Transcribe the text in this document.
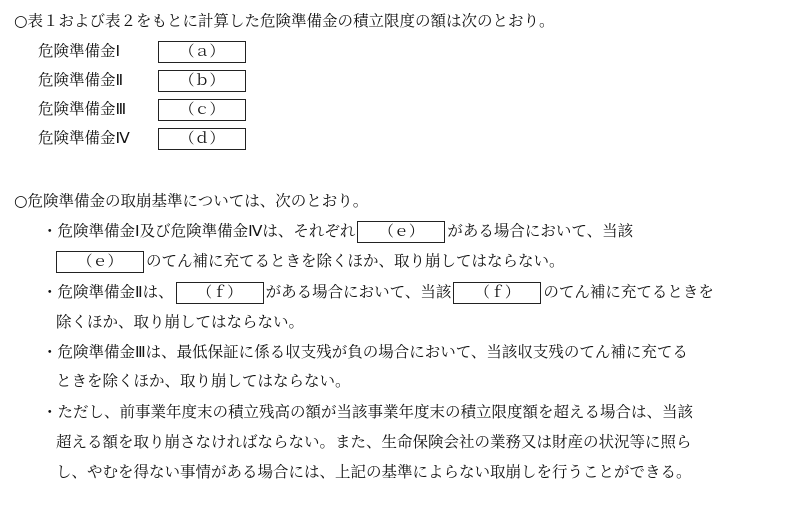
○表１および表２をもとに計算した危険準備金の積立限度の額は次のとおり。
危険準備金Ⅰ	（ａ）
危険準備金Ⅱ	（ｂ）
危険準備金Ⅲ	（ｃ）
危険準備金Ⅳ	（ｄ）
○危険準備金の取崩基準については、次のとおり。
・危険準備金Ⅰ及び危険準備金Ⅳは、それぞれ （ｅ） がある場合において、当該
（ｅ） のてん補に充てるときを除くほか、取り崩してはならない。
・危険準備金Ⅱは、 （ｆ） がある場合において、当該 （ｆ） のてん補に充てるときを
除くほか、取り崩してはならない。
・危険準備金Ⅲは、最低保証に係る収支残が負の場合において、当該収支残のてん補に充てる
ときを除くほか、取り崩してはならない。
・ただし、前事業年度末の積立残高の額が当該事業年度末の積立限度額を超える場合は、当該
超える額を取り崩さなければならない。また、生命保険会社の業務又は財産の状況等に照ら
し、やむを得ない事情がある場合には、上記の基準によらない取崩しを行うことができる。
